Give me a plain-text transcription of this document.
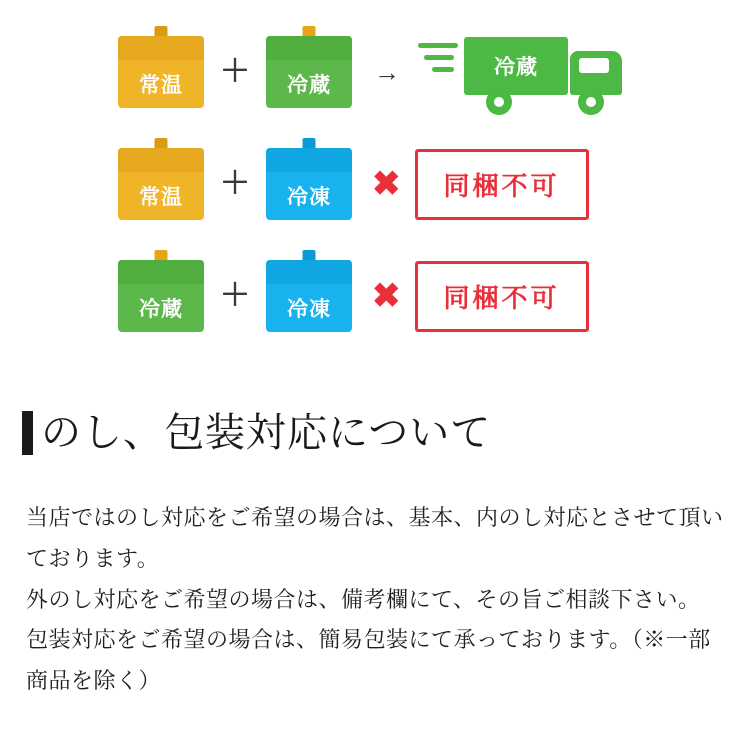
常温	＋	冷蔵	→	冷蔵
常温	＋	冷凍	✖	同梱不可
冷蔵	＋	冷凍	✖	同梱不可
のし、包装対応について

当店ではのし対応をご希望の場合は、基本、内のし対応とさせて頂いております。

外のし対応をご希望の場合は、備考欄にて、その旨ご相談下さい。

包装対応をご希望の場合は、簡易包装にて承っております。（※一部商品を除く）
